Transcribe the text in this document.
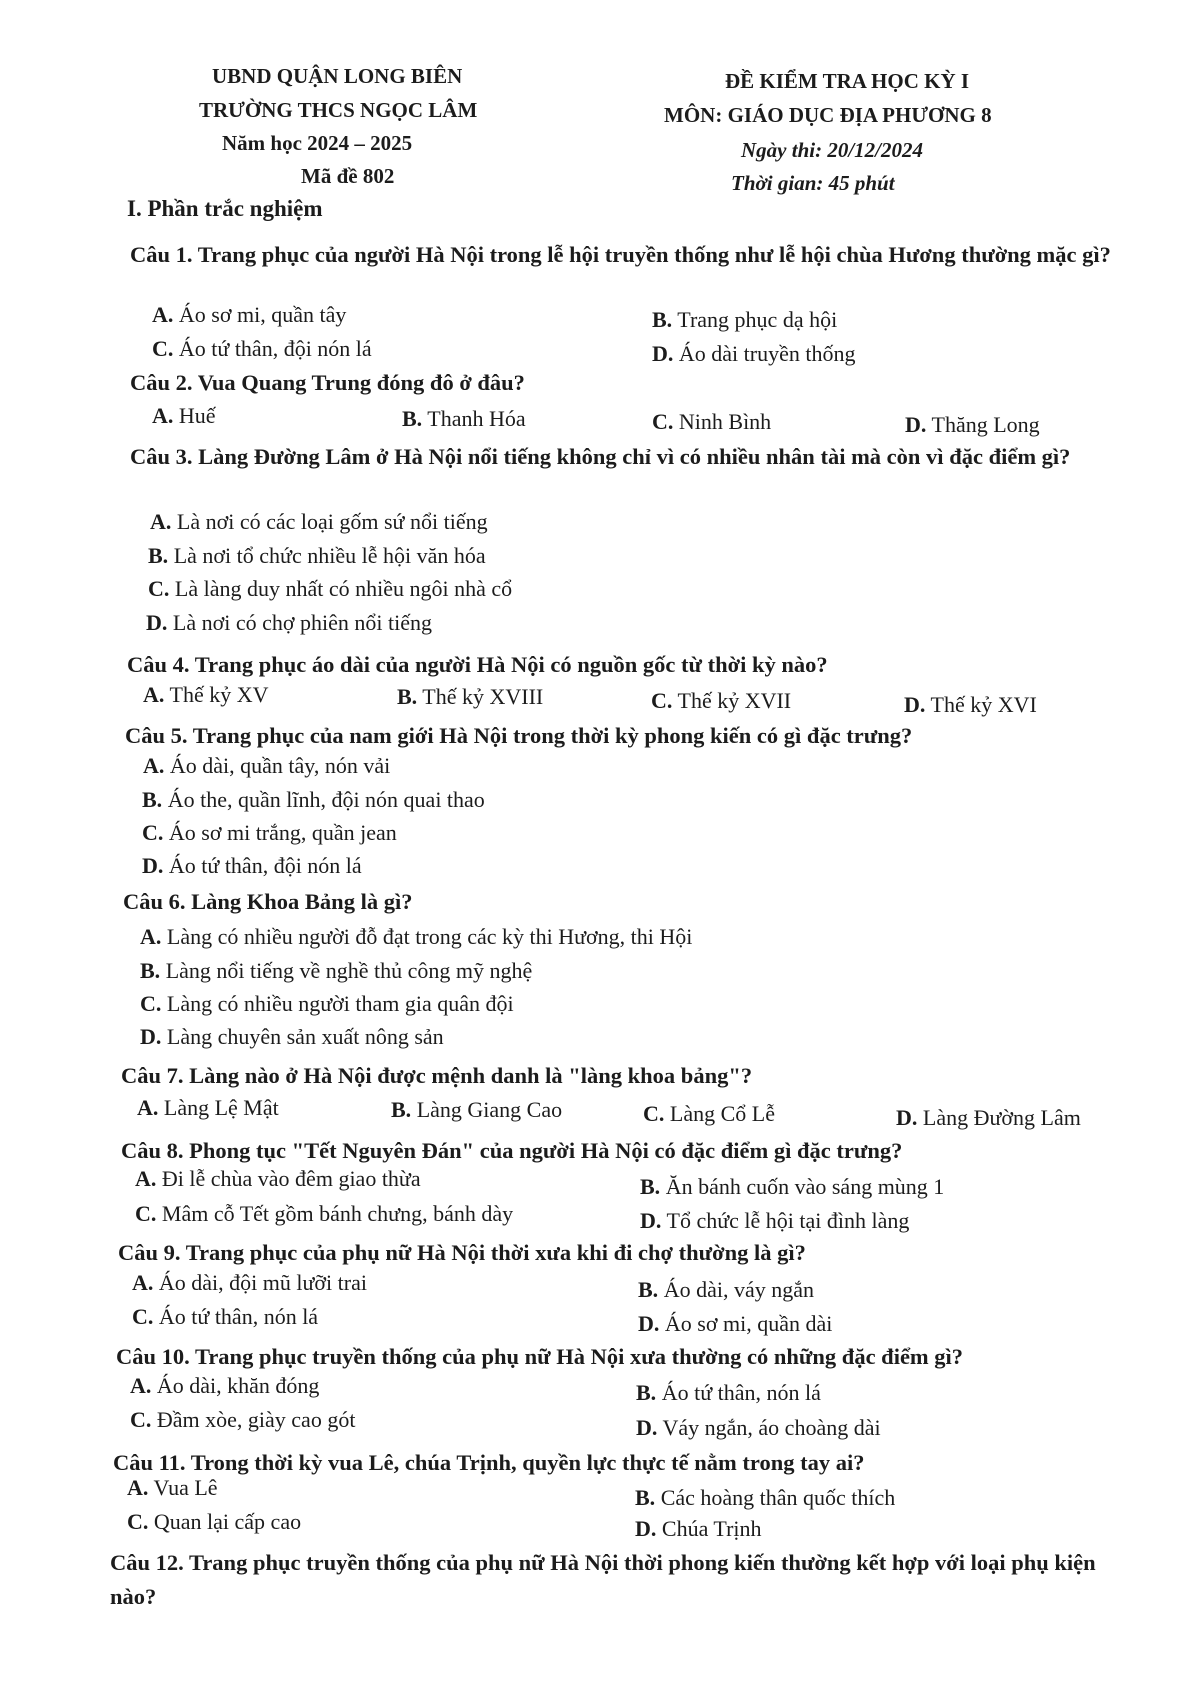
UBND QUẬN LONG BIÊN
TRƯỜNG THCS NGỌC LÂM
Năm học 2024 – 2025
Mã đề 802
ĐỀ KIỂM TRA HỌC KỲ I
MÔN: GIÁO DỤC ĐỊA PHƯƠNG 8
Ngày thi: 20/12/2024
Thời gian: 45 phút
I. Phần trắc nghiệm
Câu 1. Trang phục của người Hà Nội trong lễ hội truyền thống như lễ hội chùa Hương thường mặc gì?
A. Áo sơ mi, quần tây	B. Trang phục dạ hội
C. Áo tứ thân, đội nón lá	D. Áo dài truyền thống
Câu 2. Vua Quang Trung đóng đô ở đâu?
A. Huế	B. Thanh Hóa	C. Ninh Bình	D. Thăng Long
Câu 3. Làng Đường Lâm ở Hà Nội nổi tiếng không chỉ vì có nhiều nhân tài mà còn vì đặc điểm gì?
A. Là nơi có các loại gốm sứ nổi tiếng
B. Là nơi tổ chức nhiều lễ hội văn hóa
C. Là làng duy nhất có nhiều ngôi nhà cổ
D. Là nơi có chợ phiên nổi tiếng
Câu 4. Trang phục áo dài của người Hà Nội có nguồn gốc từ thời kỳ nào?
A. Thế kỷ XV	B. Thế kỷ XVIII	C. Thế kỷ XVII	D. Thế kỷ XVI
Câu 5. Trang phục của nam giới Hà Nội trong thời kỳ phong kiến có gì đặc trưng?
A. Áo dài, quần tây, nón vải
B. Áo the, quần lĩnh, đội nón quai thao
C. Áo sơ mi trắng, quần jean
D. Áo tứ thân, đội nón lá
Câu 6. Làng Khoa Bảng là gì?
A. Làng có nhiều người đỗ đạt trong các kỳ thi Hương, thi Hội
B. Làng nổi tiếng về nghề thủ công mỹ nghệ
C. Làng có nhiều người tham gia quân đội
D. Làng chuyên sản xuất nông sản
Câu 7. Làng nào ở Hà Nội được mệnh danh là "làng khoa bảng"?
A. Làng Lệ Mật	B. Làng Giang Cao	C. Làng Cổ Lễ	D. Làng Đường Lâm
Câu 8. Phong tục "Tết Nguyên Đán" của người Hà Nội có đặc điểm gì đặc trưng?
A. Đi lễ chùa vào đêm giao thừa	B. Ăn bánh cuốn vào sáng mùng 1
C. Mâm cỗ Tết gồm bánh chưng, bánh dày	D. Tổ chức lễ hội tại đình làng
Câu 9. Trang phục của phụ nữ Hà Nội thời xưa khi đi chợ thường là gì?
A. Áo dài, đội mũ lưỡi trai	B. Áo dài, váy ngắn
C. Áo tứ thân, nón lá	D. Áo sơ mi, quần dài
Câu 10. Trang phục truyền thống của phụ nữ Hà Nội xưa thường có những đặc điểm gì?
A. Áo dài, khăn đóng	B. Áo tứ thân, nón lá
C. Đầm xòe, giày cao gót	D. Váy ngắn, áo choàng dài
Câu 11. Trong thời kỳ vua Lê, chúa Trịnh, quyền lực thực tế nằm trong tay ai?
A. Vua Lê	B. Các hoàng thân quốc thích
C. Quan lại cấp cao	D. Chúa Trịnh
Câu 12. Trang phục truyền thống của phụ nữ Hà Nội thời phong kiến thường kết hợp với loại phụ kiện nào?
